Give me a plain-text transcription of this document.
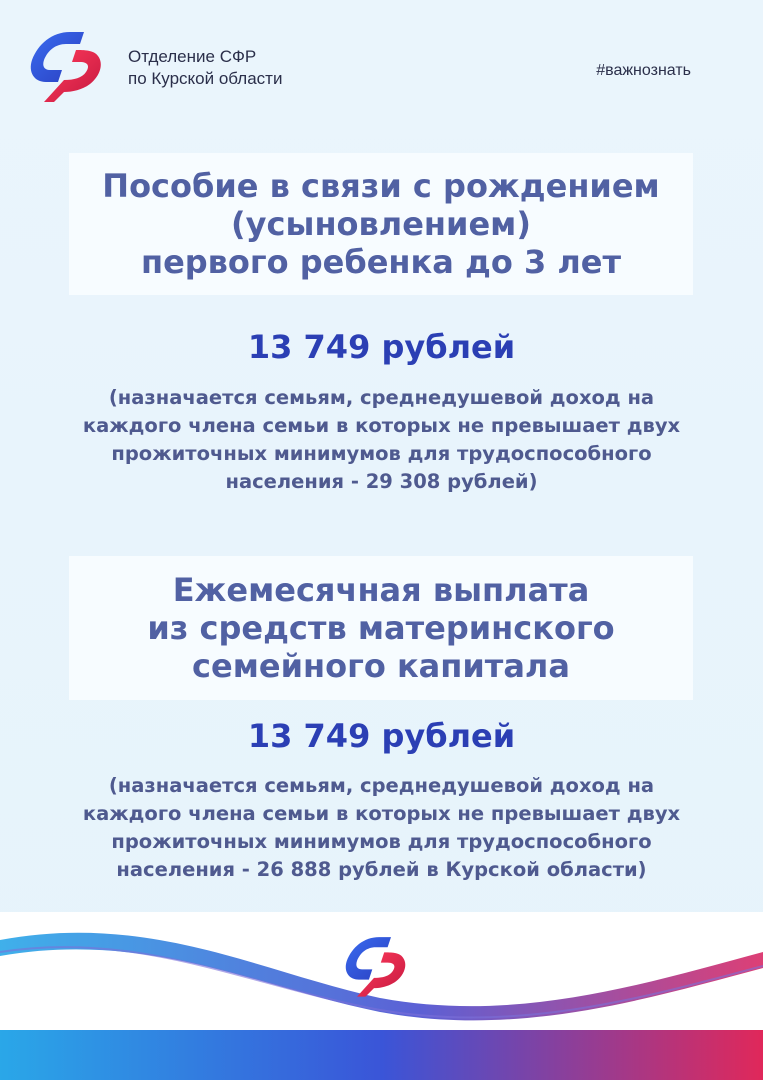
Отделение СФР
по Курской области	#важнознать
Пособие в связи с рождением
(усыновлением)
первого ребенка до 3 лет
13 749 рублей
(назначается семьям, среднедушевой доход на
каждого члена семьи в которых не превышает двух
прожиточных минимумов для трудоспособного
населения - 29 308 рублей)
Ежемесячная выплата
из средств материнского
семейного капитала
13 749 рублей
(назначается семьям, среднедушевой доход на
каждого члена семьи в которых не превышает двух
прожиточных минимумов для трудоспособного
населения - 26 888 рублей в Курской области)
